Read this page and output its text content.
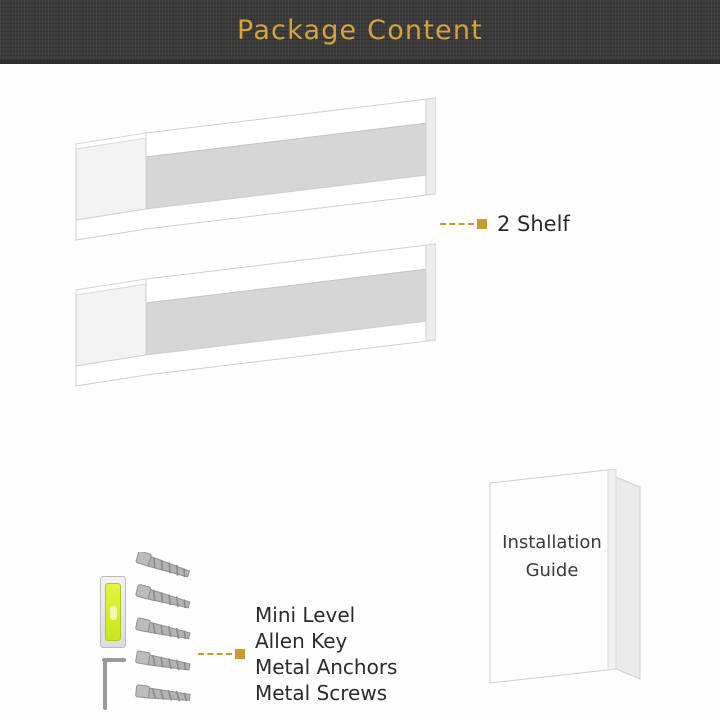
Package Content
2 Shelf
Mini Level
Allen Key
Metal Anchors
Metal Screws
Installation
Guide
